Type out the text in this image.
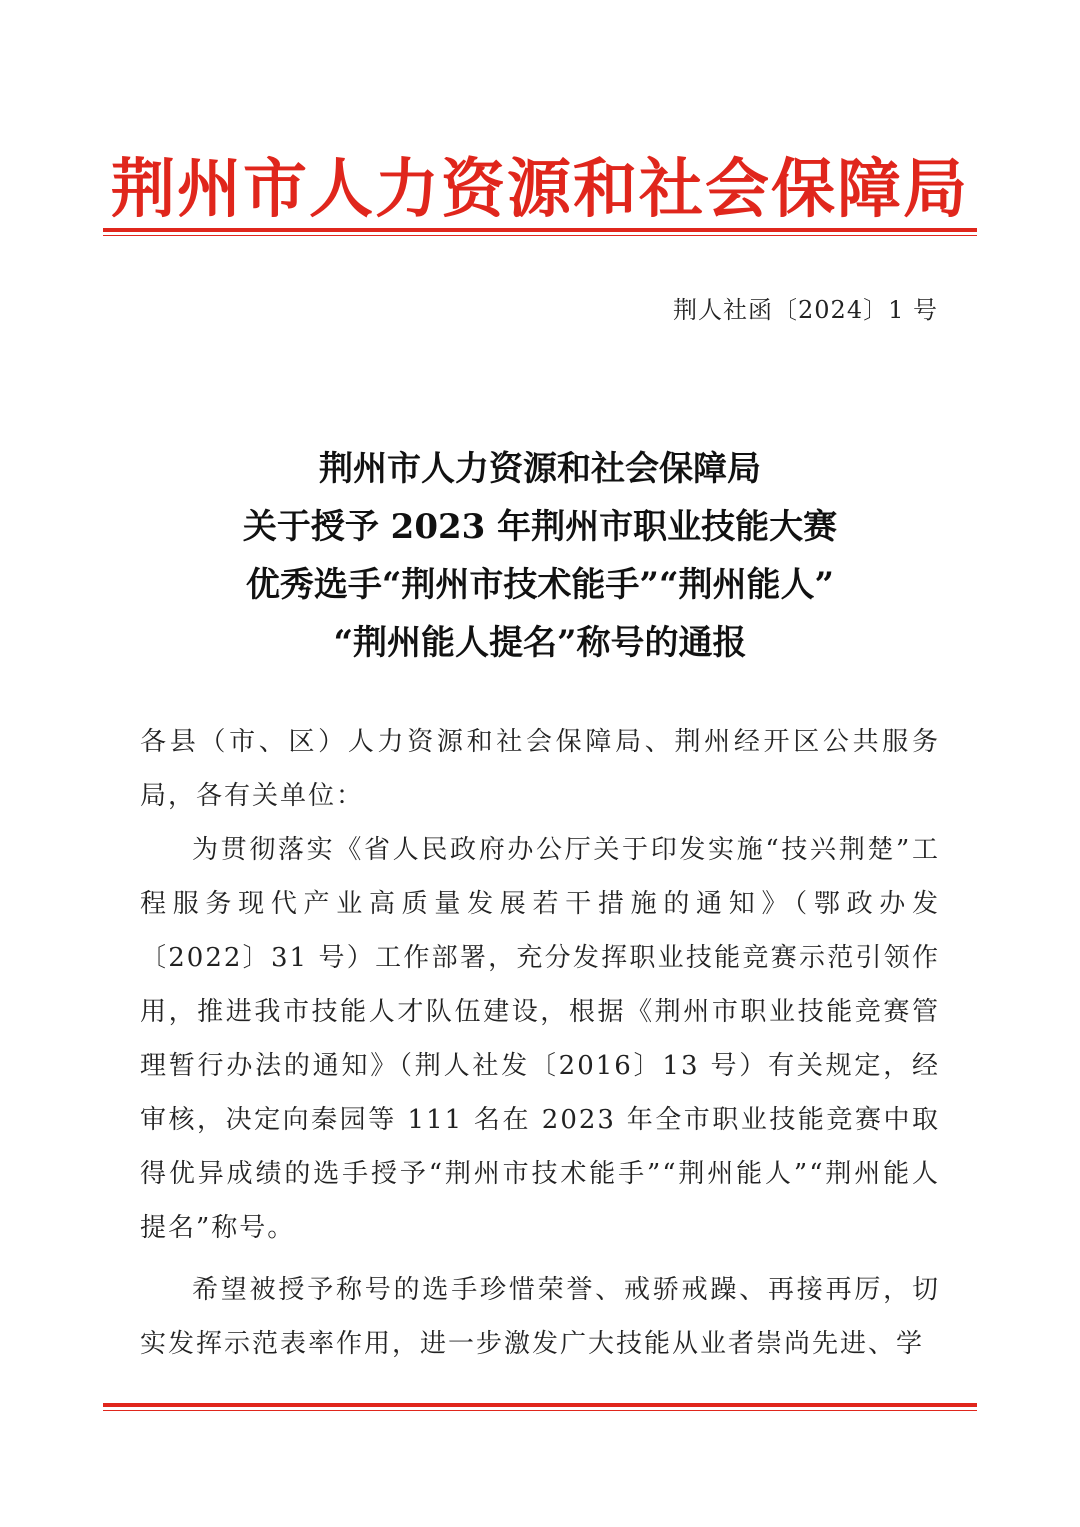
荆州市人力资源和社会保障局
荆人社函〔2024〕1 号
荆州市人力资源和社会保障局
关于授予 2023 年荆州市职业技能大赛
优秀选手“荆州市技术能手”“荆州能人”
“荆州能人提名”称号的通报

各县（市、区）人力资源和社会保障局、荆州经开区公共服务局，各有关单位：

为贯彻落实《省人民政府办公厅关于印发实施“技兴荆楚”工程服务现代产业高质量发展若干措施的通知》（鄂政办发〔2022〕31 号）工作部署，充分发挥职业技能竞赛示范引领作用，推进我市技能人才队伍建设，根据《荆州市职业技能竞赛管理暂行办法的通知》（荆人社发〔2016〕13 号）有关规定，经审核，决定向秦园等 111 名在 2023 年全市职业技能竞赛中取得优异成绩的选手授予“荆州市技术能手”“荆州能人”“荆州能人提名”称号。

希望被授予称号的选手珍惜荣誉、戒骄戒躁、再接再厉，切实发挥示范表率作用，进一步激发广大技能从业者崇尚先进、学
